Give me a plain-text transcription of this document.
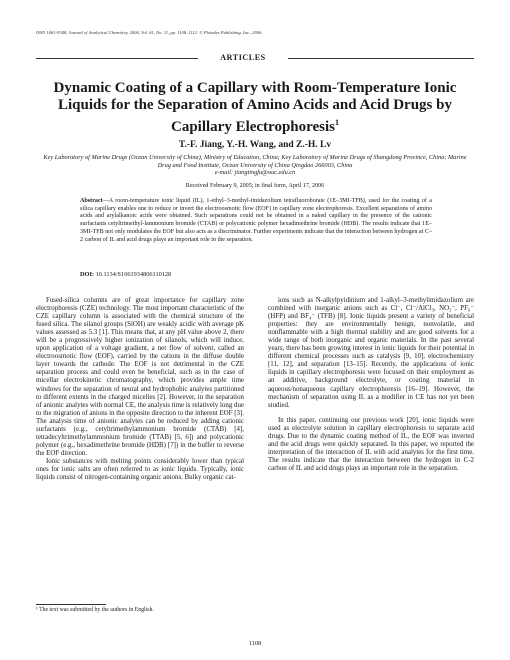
ISSN 1061-9348, Journal of Analytical Chemistry, 2006, Vol. 61, No. 11, pp. 1108–1112. © Pleiades Publishing, Inc., 2006.
ARTICLES
Dynamic Coating of a Capillary with Room-Temperature Ionic Liquids for the Separation of Amino Acids and Acid Drugs by Capillary Electrophoresis$^1$
T.-F. Jiang, Y.-H. Wang, and Z.-H. Lv
Key Laboratory of Marine Drugs (Ocean University of China), Ministry of Education, China; Key Laboratory of Marine Drugs of Shangdong Province, China; Marine Drug and Food Institute, Ocean University of China Qingdao 266003, China
e-mail: jiangtingfu@ouc.edu.cn
Received February 9, 2005; in final form, April 17, 2006
Abstract—A room-temperature ionic liquid (IL), 1-ethyl–3-methyl-imidazolium tetrafluoroborate (1E–3MI-TFB), used for the coating of a silica capillary enables one to reduce or invert the electroosmotic flow (EOF) in capillary zone electrophoresis. Excellent separations of amino acids and arylalkanoic acids were obtained. Such separations could not be obtained in a naked capillary in the presence of the cationic surfactants cetyltrimethyl-lammonium bromide (CTAB) or polycationic polymer hexadimethrine bromide (HDB). The results indicate that 1E–3MI-TFB not only modulates the EOF but also acts as a discriminator. Further experiments indicate that the interaction between hydrogen at C–2 carbon of IL and acid drugs plays an important role in the separation.
DOI: 10.1134/S1061934806110128

Fused-silica columns are of great importance for capillary zone electrophoresis (CZE) technology. The most important characteristic of the CZE capillary column is associated with the chemical structure of the fused silica. The silanol groups (SiOH) are weakly acidic with average pK values assessed as 5.3 [1]. This means that, at any pH value above 2, there will be a progressively higher ionization of silanols, which will induce, upon application of a voltage gradient, a net flow of solvent, called an electroosmotic flow (EOF), carried by the cations in the diffuse double layer towards the cathode. The EOF is not detrimental in the CZE separation process and could even be beneficial, such as in the case of micellar electrokinetic chromatography, which provides ample time windows for the separation of neural and hydrophobic analytes partitioned to different extents in the charged micelles [2]. However, in the separation of anionic analytes with normal CE, the analysis time is relatively long due to the migration of anions in the opposite direction to the inherent EOF [3]. The analysis time of anionic analytes can be reduced by adding cationic surfactants (e.g., cetyltrimethylammonium bromide (CTAB) [4], tetradecyltrimethylammonium bromide (TTAB) [5, 6]) and polycationic polymer (e.g., hexadimethrine bromide (HDB) [7]) in the buffer to reverse the EOF direction.

Ionic substances with melting points considerably lower than typical ones for ionic salts are often referred to as ionic liquids. Typically, ionic liquids consist of nitrogen-containing organic anions. Bulky organic cat-

ions such as N-alkylpyidinium and 1-alkyl–3-methylimidazolium are combined with inorganic anions such as Cl⁻, Cl⁻/AlCl₃, NO₃⁻, PF₆⁻ (HFP) and BF₄⁻ (TFB) [8]. Ionic liquids present a variety of beneficial properties: they are environmentally benign, nonvolatile, and nonflammable with a high thermal stability and are good solvents for a wide range of both inorganic and organic materials. In the past several years, there has been growing interest in ionic liquids for their potential in different chemical processes such as catalysis [9, 10], electrochemistry [11, 12], and separation [13–15]. Recently, the applications of ionic liquids in capillary electrophoresis were focused on their employment as an additive, background electrolyte, or coating material in aqueous/nonaqueous capillary electrophoresis [16–19]. However, the mechanism of separation using IL as a modifier in CE has not yet been studied.

In this paper, continuing our previous work [20], ionic liquids were used as electrolyte solution in capillary electrophoresis to separate acid drugs. Due to the dynamic coating method of IL, the EOF was inverted and the acid drugs were quickly separated. In this paper, we reported the interpretation of the interaction of IL with acid analytes for the first time. The results indicate that the interaction between the hydrogen in C-2 carbon of IL and acid drugs plays an important role in the separation.

¹ The text was submitted by the authors in English.
1108
